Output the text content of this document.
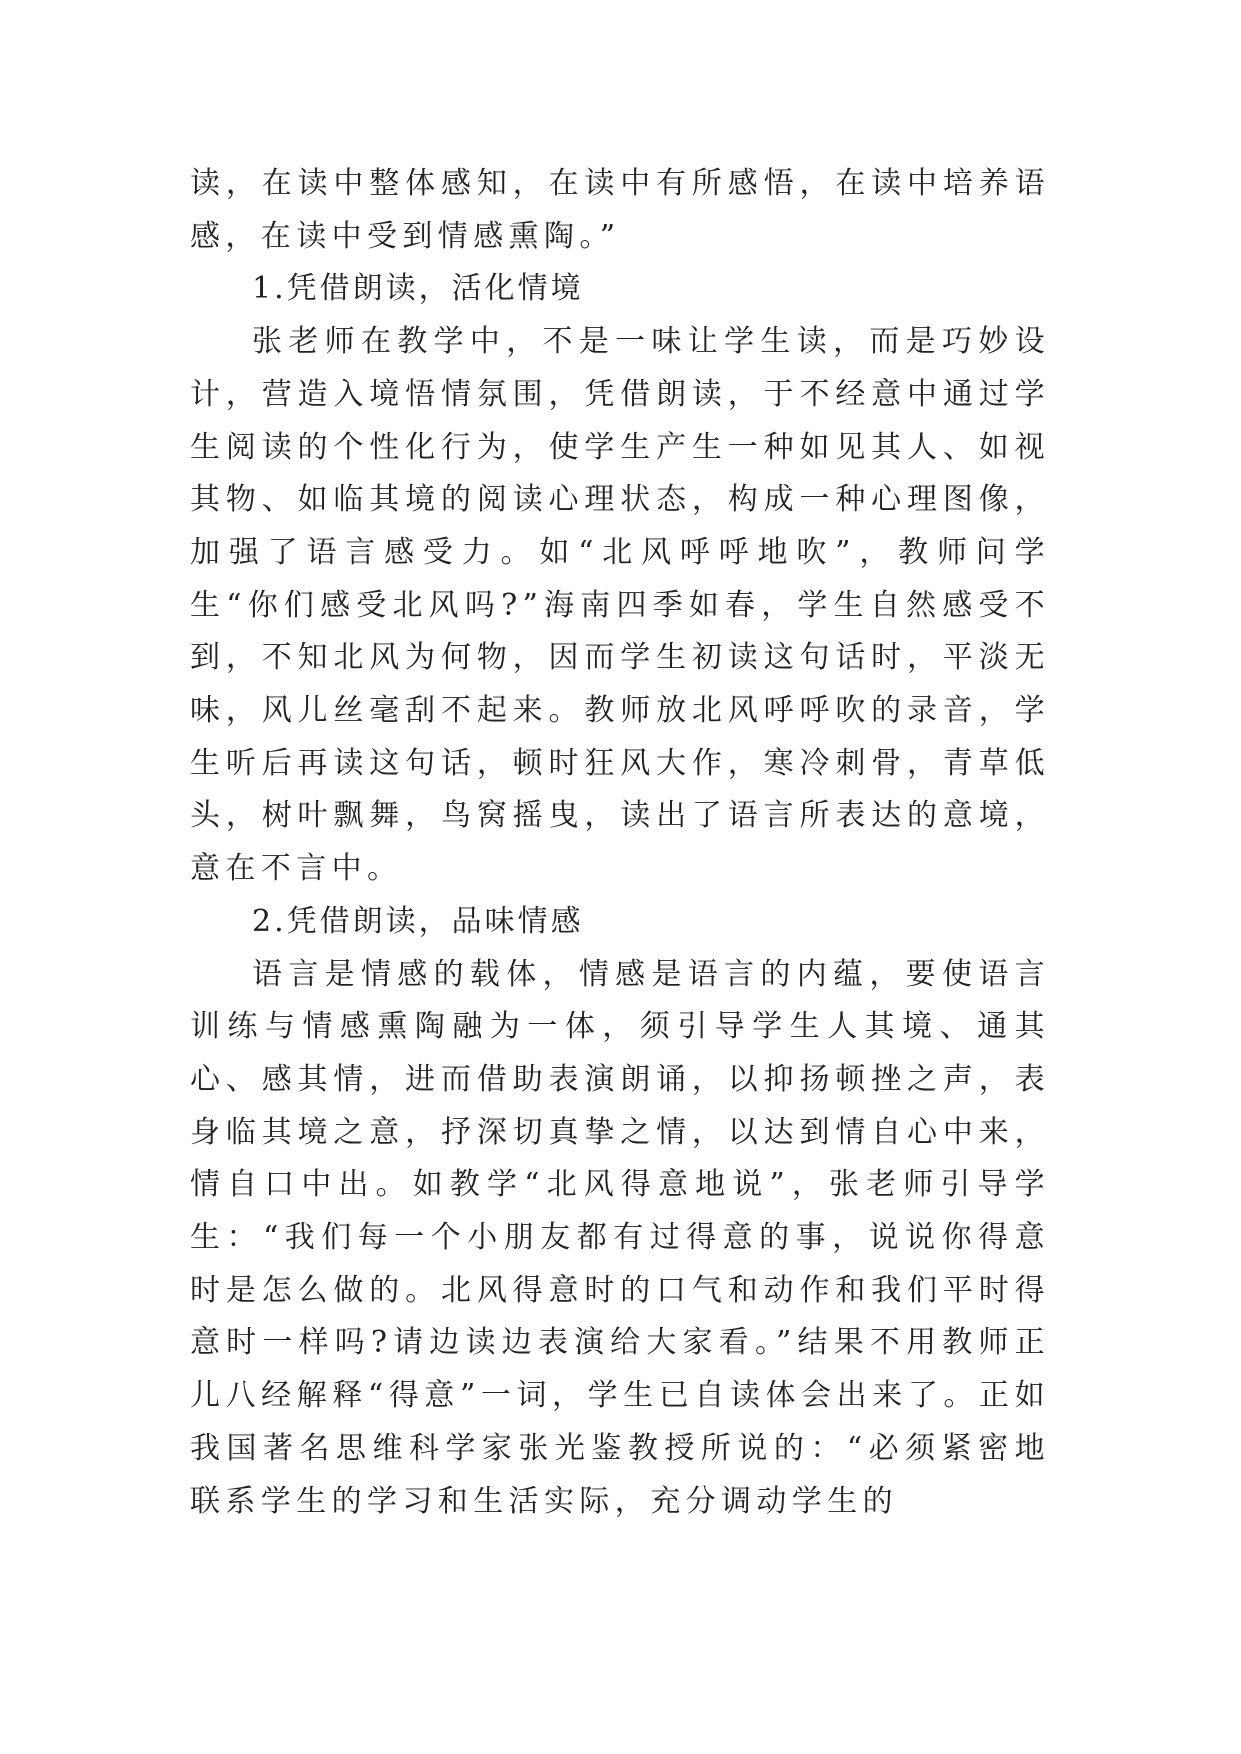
读，在读中整体感知，在读中有所感悟，在读中培养语感，在读中受到情感熏陶。”

1.凭借朗读，活化情境

张老师在教学中，不是一味让学生读，而是巧妙设计，营造入境悟情氛围，凭借朗读，于不经意中通过学生阅读的个性化行为，使学生产生一种如见其人、如视其物、如临其境的阅读心理状态，构成一种心理图像，加强了语言感受力。如“北风呼呼地吹”，教师问学生“你们感受北风吗?”海南四季如春，学生自然感受不到，不知北风为何物，因而学生初读这句话时，平淡无味，风儿丝毫刮不起来。教师放北风呼呼吹的录音，学生听后再读这句话，顿时狂风大作，寒冷刺骨，青草低头，树叶飘舞，鸟窝摇曳，读出了语言所表达的意境，意在不言中。

2.凭借朗读，品味情感

语言是情感的载体，情感是语言的内蕴，要使语言训练与情感熏陶融为一体，须引导学生人其境、通其心、感其情，进而借助表演朗诵，以抑扬顿挫之声，表身临其境之意，抒深切真挚之情，以达到情自心中来，情自口中出。如教学“北风得意地说”，张老师引导学生：“我们每一个小朋友都有过得意的事，说说你得意时是怎么做的。北风得意时的口气和动作和我们平时得意时一样吗?请边读边表演给大家看。”结果不用教师正儿八经解释“得意”一词，学生已自读体会出来了。正如我国著名思维科学家张光鉴教授所说的：“必须紧密地联系学生的学习和生活实际，充分调动学生的
